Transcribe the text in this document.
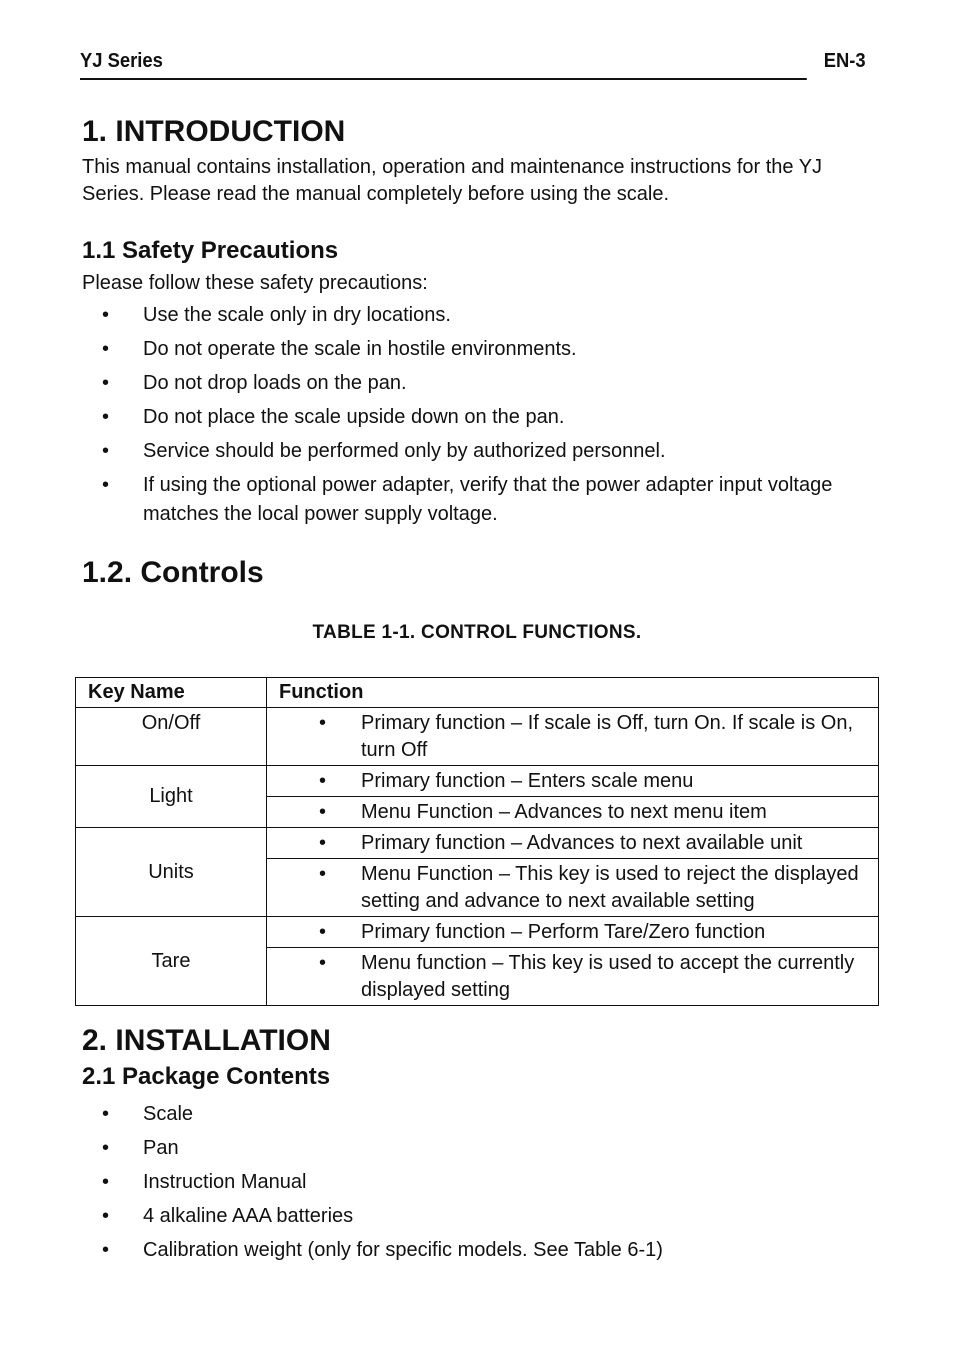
YJ Series	EN-3
1. INTRODUCTION

This manual contains installation, operation and maintenance instructions for the YJ Series. Please read the manual completely before using the scale.

1.1 Safety Precautions

Please follow these safety precautions:

• Use the scale only in dry locations.
• Do not operate the scale in hostile environments.
• Do not drop loads on the pan.
• Do not place the scale upside down on the pan.
• Service should be performed only by authorized personnel.
• If using the optional power adapter, verify that the power adapter input voltage matches the local power supply voltage.
1.2. Controls
TABLE 1-1. CONTROL FUNCTIONS.
Key Name	Function
On/Off	• Primary function – If scale is Off, turn On. If scale is On, turn Off
Light	• Primary function – Enters scale menu

	• Menu Function – Advances to next menu item
Units	• Primary function – Advances to next available unit

	• Menu Function – This key is used to reject the displayed setting and advance to next available setting
Tare	• Primary function – Perform Tare/Zero function

	• Menu function – This key is used to accept the currently displayed setting
2. INSTALLATION
2.1 Package Contents
• Scale
• Pan
• Instruction Manual
• 4 alkaline AAA batteries
• Calibration weight (only for specific models. See Table 6-1)
